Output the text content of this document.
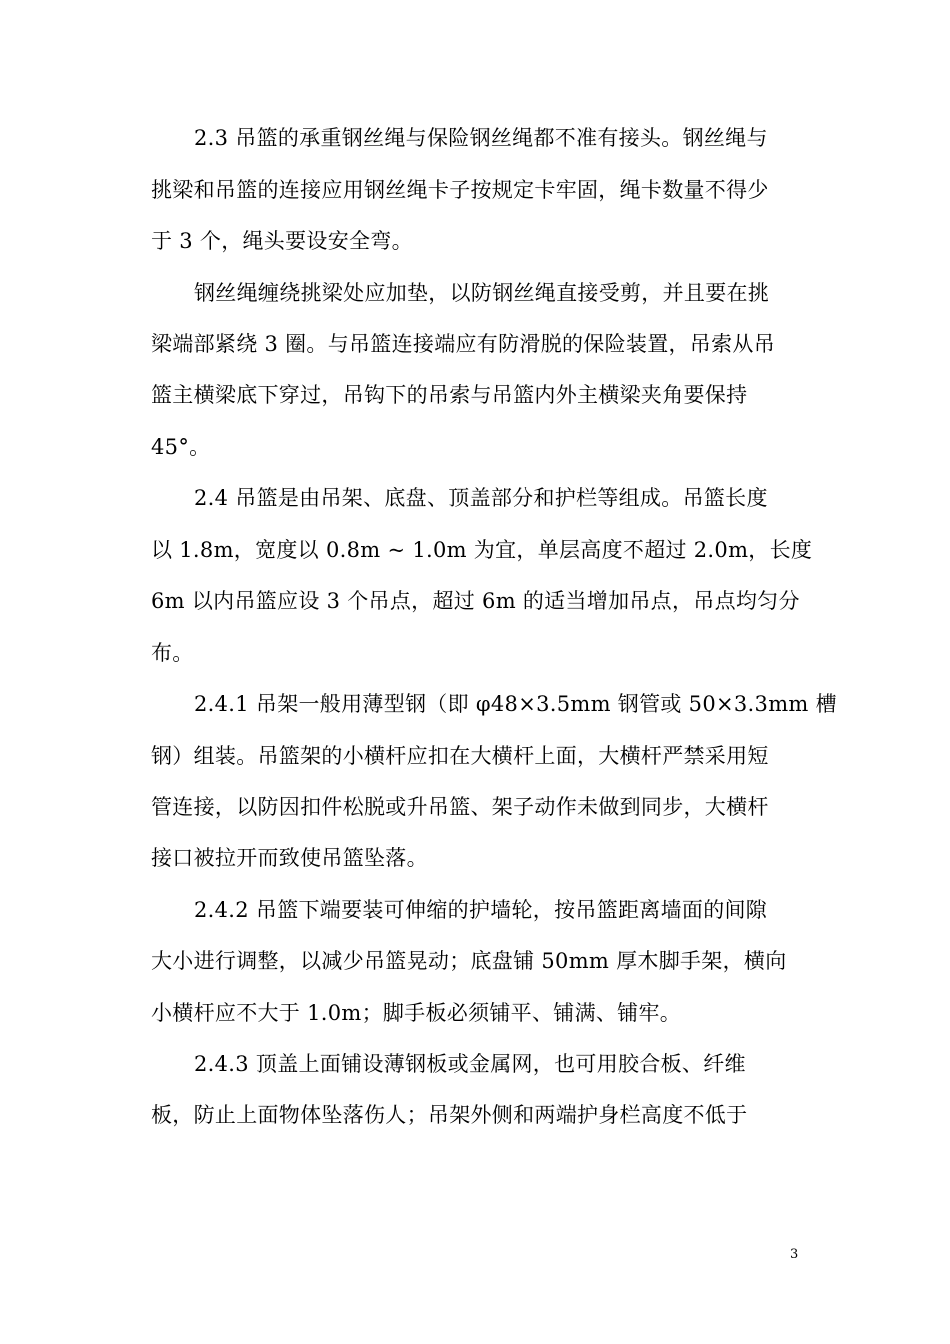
2.3 吊篮的承重钢丝绳与保险钢丝绳都不准有接头。钢丝绳与
挑梁和吊篮的连接应用钢丝绳卡子按规定卡牢固，绳卡数量不得少
于 3 个，绳头要设安全弯。
钢丝绳缠绕挑梁处应加垫，以防钢丝绳直接受剪，并且要在挑
梁端部紧绕 3 圈。与吊篮连接端应有防滑脱的保险装置，吊索从吊
篮主横梁底下穿过，吊钩下的吊索与吊篮内外主横梁夹角要保持
45°。
2.4 吊篮是由吊架、底盘、顶盖部分和护栏等组成。吊篮长度
以 1.8m，宽度以 0.8m ~ 1.0m 为宜，单层高度不超过 2.0m，长度
6m 以内吊篮应设 3 个吊点，超过 6m 的适当增加吊点，吊点均匀分
布。
2.4.1 吊架一般用薄型钢（即 φ48×3.5mm 钢管或 50×3.3mm 槽
钢）组装。吊篮架的小横杆应扣在大横杆上面，大横杆严禁采用短
管连接，以防因扣件松脱或升吊篮、架子动作未做到同步，大横杆
接口被拉开而致使吊篮坠落。
2.4.2 吊篮下端要装可伸缩的护墙轮，按吊篮距离墙面的间隙
大小进行调整，以减少吊篮晃动；底盘铺 50mm 厚木脚手架，横向
小横杆应不大于 1.0m；脚手板必须铺平、铺满、铺牢。
2.4.3 顶盖上面铺设薄钢板或金属网，也可用胶合板、纤维
板，防止上面物体坠落伤人；吊架外侧和两端护身栏高度不低于
3
